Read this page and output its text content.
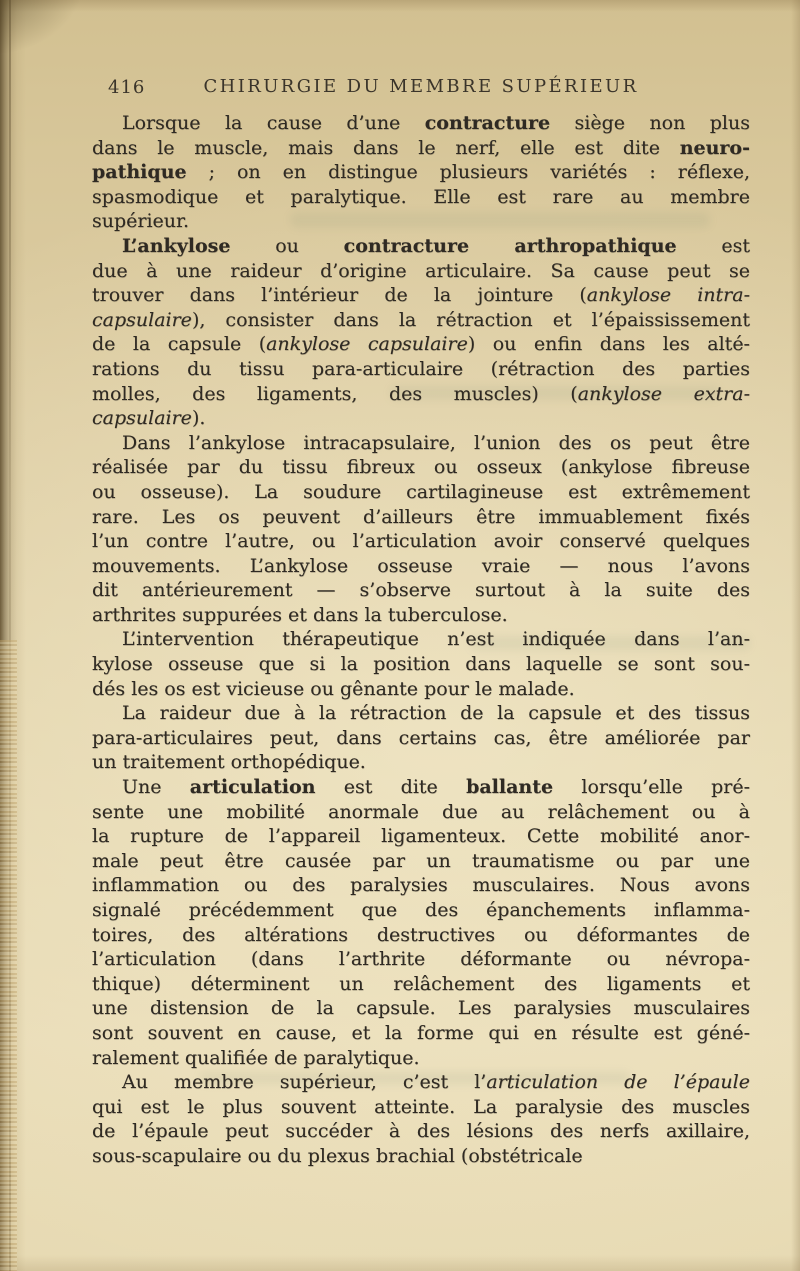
416	CHIRURGIE DU MEMBRE SUPÉRIEUR
Lorsque la cause d’une contracture siège non plus
dans le muscle, mais dans le nerf, elle est dite neuro-
pathique ; on en distingue plusieurs variétés : réflexe,
spasmodique et paralytique. Elle est rare au membre
supérieur.
L’ankylose ou contracture arthropathique est
due à une raideur d’origine articulaire. Sa cause peut se
trouver dans l’intérieur de la jointure (ankylose intra-
capsulaire), consister dans la rétraction et l’épaississement
de la capsule (ankylose capsulaire) ou enfin dans les alté-
rations du tissu para-articulaire (rétraction des parties
molles, des ligaments, des muscles) (ankylose extra-
capsulaire).
Dans l’ankylose intracapsulaire, l’union des os peut être
réalisée par du tissu fibreux ou osseux (ankylose fibreuse
ou osseuse). La soudure cartilagineuse est extrêmement
rare. Les os peuvent d’ailleurs être immuablement fixés
l’un contre l’autre, ou l’articulation avoir conservé quelques
mouvements. L’ankylose osseuse vraie — nous l’avons
dit antérieurement — s’observe surtout à la suite des
arthrites suppurées et dans la tuberculose.
L’intervention thérapeutique n’est indiquée dans l’an-
kylose osseuse que si la position dans laquelle se sont sou-
dés les os est vicieuse ou gênante pour le malade.
La raideur due à la rétraction de la capsule et des tissus
para-articulaires peut, dans certains cas, être améliorée par
un traitement orthopédique.
Une articulation est dite ballante lorsqu’elle pré-
sente une mobilité anormale due au relâchement ou à
la rupture de l’appareil ligamenteux. Cette mobilité anor-
male peut être causée par un traumatisme ou par une
inflammation ou des paralysies musculaires. Nous avons
signalé précédemment que des épanchements inflamma-
toires, des altérations destructives ou déformantes de
l’articulation (dans l’arthrite déformante ou névropa-
thique) déterminent un relâchement des ligaments et
une distension de la capsule. Les paralysies musculaires
sont souvent en cause, et la forme qui en résulte est géné-
ralement qualifiée de paralytique.
Au membre supérieur, c’est l’articulation de l’épaule
qui est le plus souvent atteinte. La paralysie des muscles
de l’épaule peut succéder à des lésions des nerfs axillaire,
sous-scapulaire ou du plexus brachial (obstétricale
